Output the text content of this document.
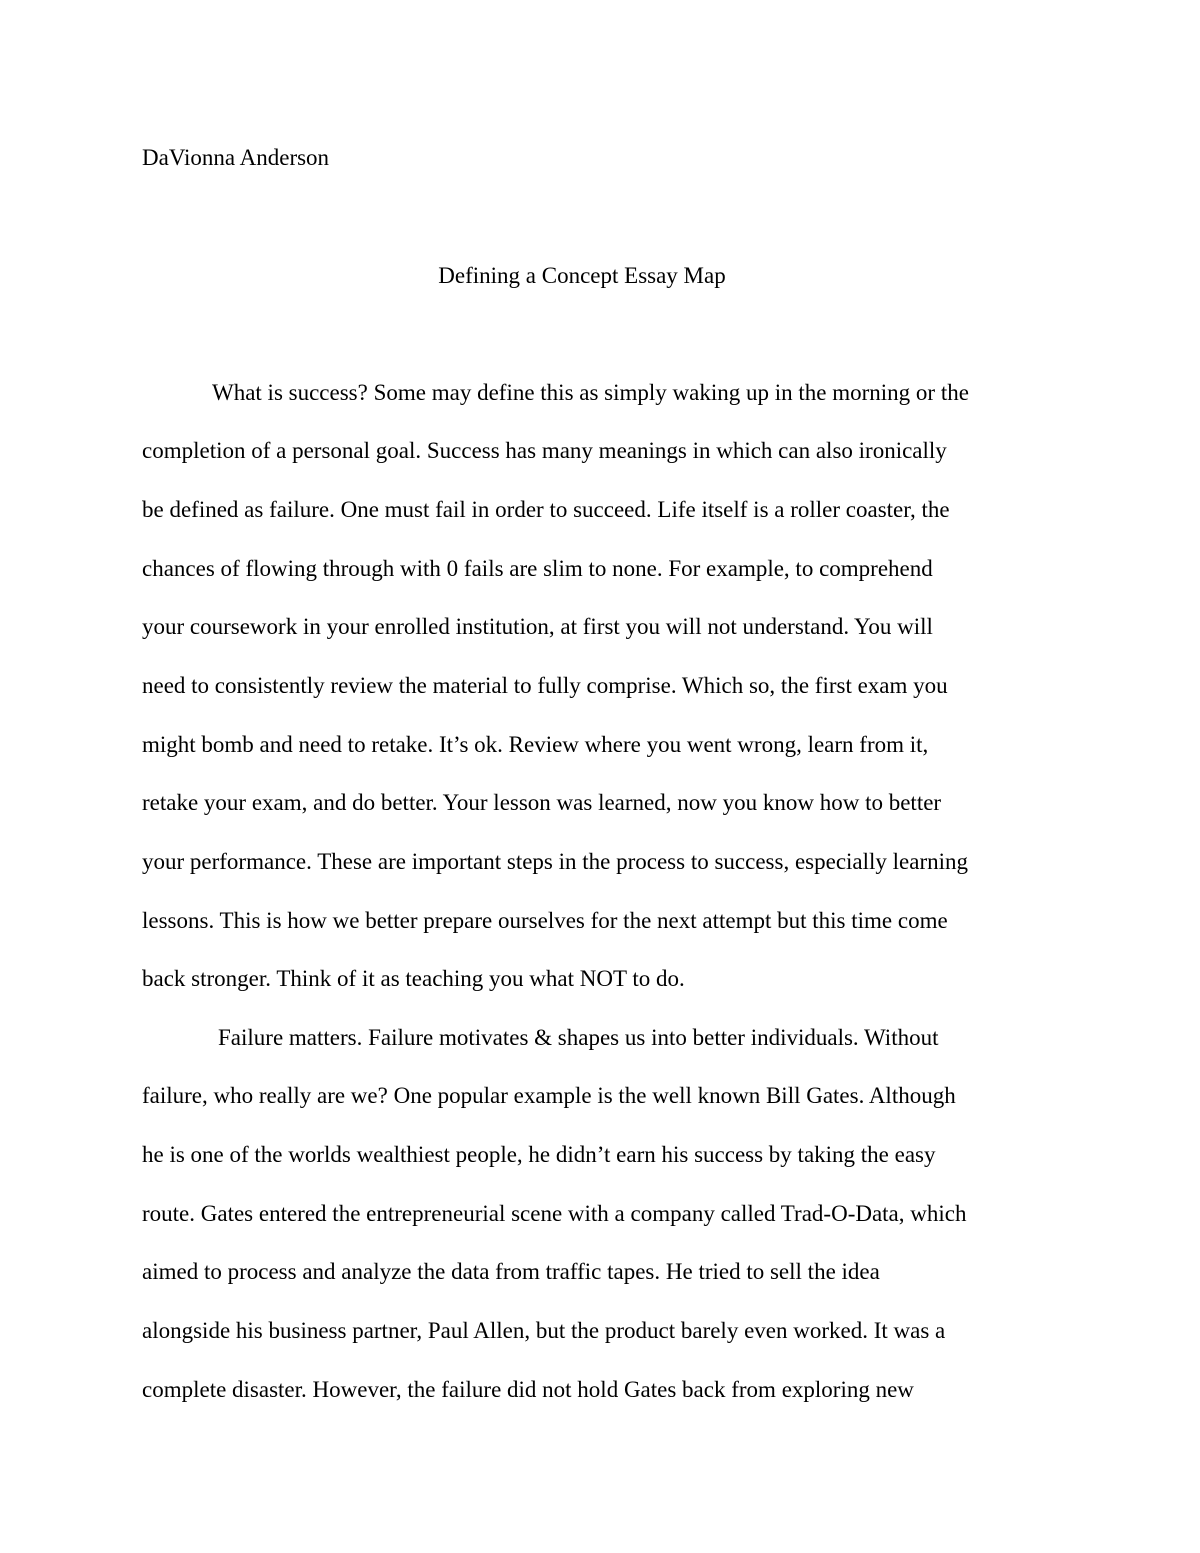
DaVionna Anderson
Defining a Concept Essay Map
What is success? Some may define this as simply waking up in the morning or the
completion of a personal goal. Success has many meanings in which can also ironically
be defined as failure. One must fail in order to succeed. Life itself is a roller coaster, the
chances of flowing through with 0 fails are slim to none. For example, to comprehend
your coursework in your enrolled institution, at first you will not understand. You will
need to consistently review the material to fully comprise. Which so, the first exam you
might bomb and need to retake. It’s ok. Review where you went wrong, learn from it,
retake your exam, and do better. Your lesson was learned, now you know how to better
your performance. These are important steps in the process to success, especially learning
lessons. This is how we better prepare ourselves for the next attempt but this time come
back stronger. Think of it as teaching you what NOT to do.
Failure matters. Failure motivates & shapes us into better individuals. Without
failure, who really are we? One popular example is the well known Bill Gates. Although
he is one of the worlds wealthiest people, he didn’t earn his success by taking the easy
route. Gates entered the entrepreneurial scene with a company called Trad-O-Data, which
aimed to process and analyze the data from traffic tapes. He tried to sell the idea
alongside his business partner, Paul Allen, but the product barely even worked. It was a
complete disaster. However, the failure did not hold Gates back from exploring new
